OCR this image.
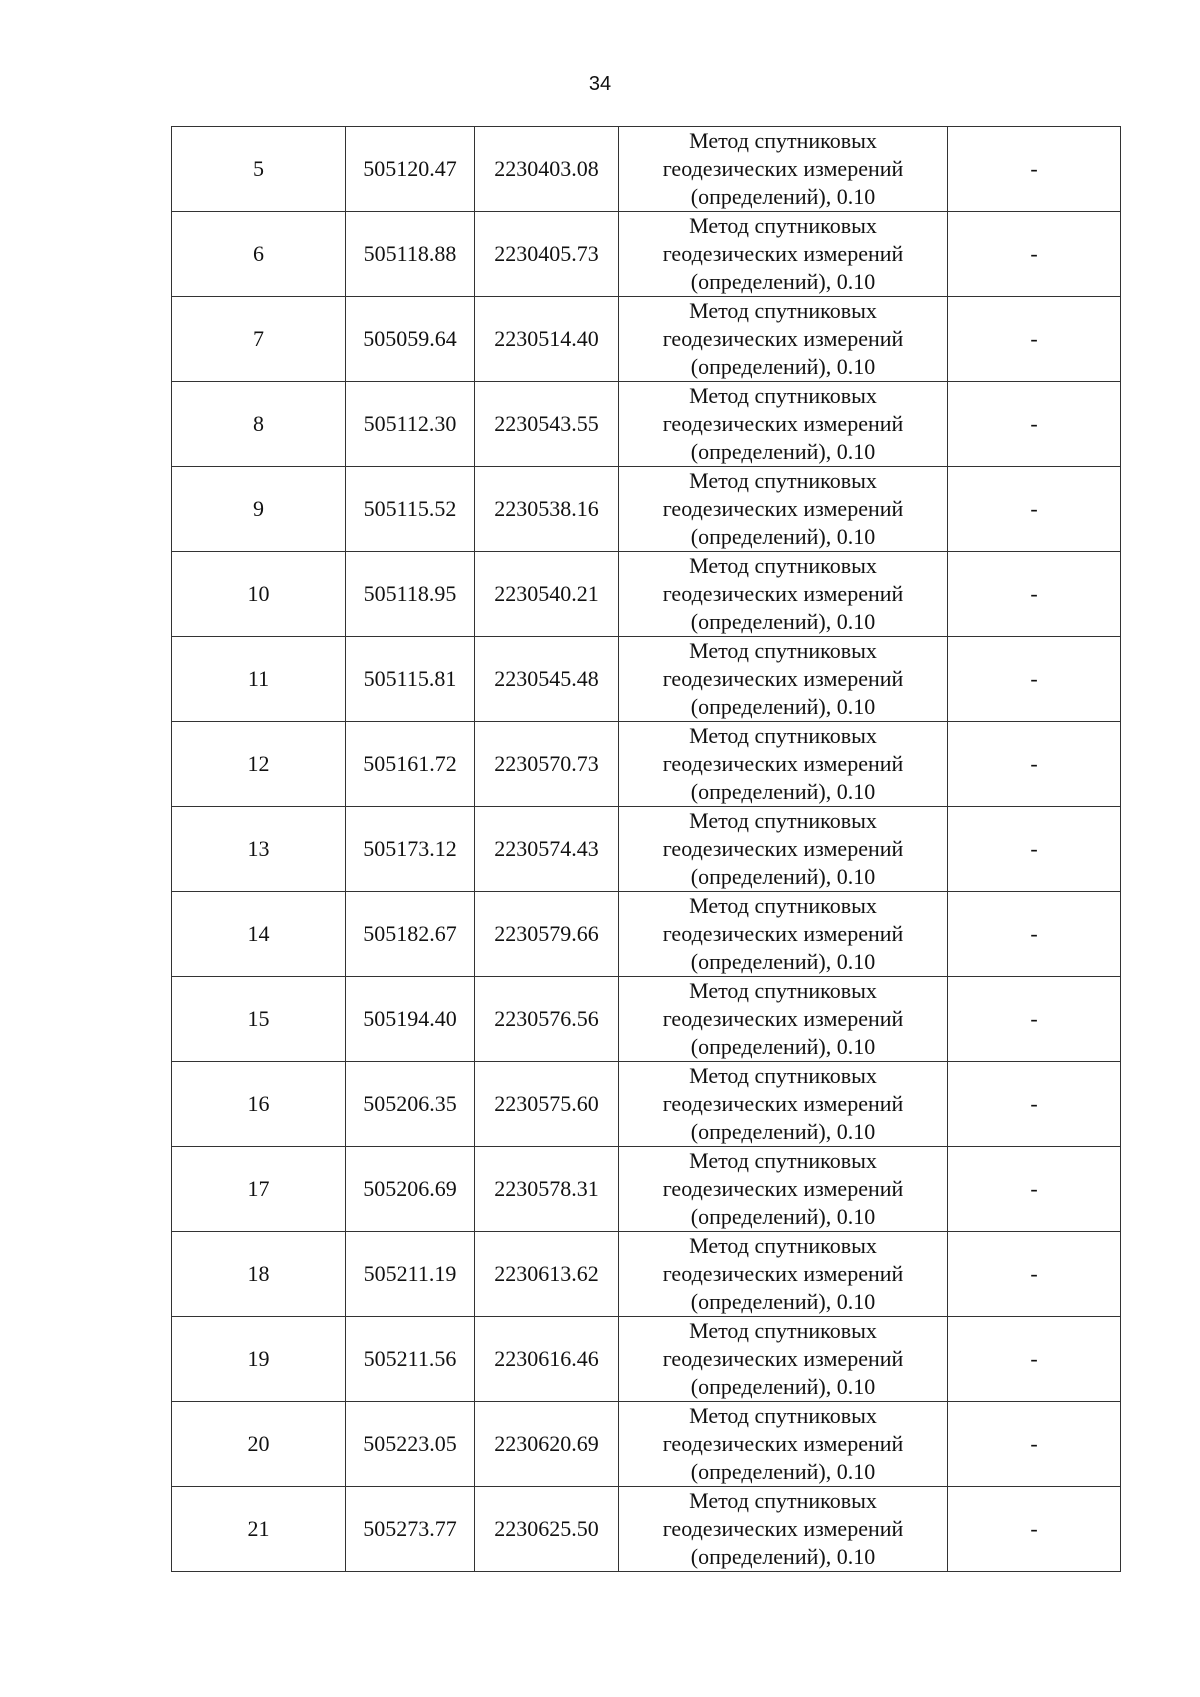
34
5	505120.47	2230403.08	Метод спутниковых
геодезических измерений
(определений), 0.10	-
6	505118.88	2230405.73	Метод спутниковых
геодезических измерений
(определений), 0.10	-
7	505059.64	2230514.40	Метод спутниковых
геодезических измерений
(определений), 0.10	-
8	505112.30	2230543.55	Метод спутниковых
геодезических измерений
(определений), 0.10	-
9	505115.52	2230538.16	Метод спутниковых
геодезических измерений
(определений), 0.10	-
10	505118.95	2230540.21	Метод спутниковых
геодезических измерений
(определений), 0.10	-
11	505115.81	2230545.48	Метод спутниковых
геодезических измерений
(определений), 0.10	-
12	505161.72	2230570.73	Метод спутниковых
геодезических измерений
(определений), 0.10	-
13	505173.12	2230574.43	Метод спутниковых
геодезических измерений
(определений), 0.10	-
14	505182.67	2230579.66	Метод спутниковых
геодезических измерений
(определений), 0.10	-
15	505194.40	2230576.56	Метод спутниковых
геодезических измерений
(определений), 0.10	-
16	505206.35	2230575.60	Метод спутниковых
геодезических измерений
(определений), 0.10	-
17	505206.69	2230578.31	Метод спутниковых
геодезических измерений
(определений), 0.10	-
18	505211.19	2230613.62	Метод спутниковых
геодезических измерений
(определений), 0.10	-
19	505211.56	2230616.46	Метод спутниковых
геодезических измерений
(определений), 0.10	-
20	505223.05	2230620.69	Метод спутниковых
геодезических измерений
(определений), 0.10	-
21	505273.77	2230625.50	Метод спутниковых
геодезических измерений
(определений), 0.10	-
